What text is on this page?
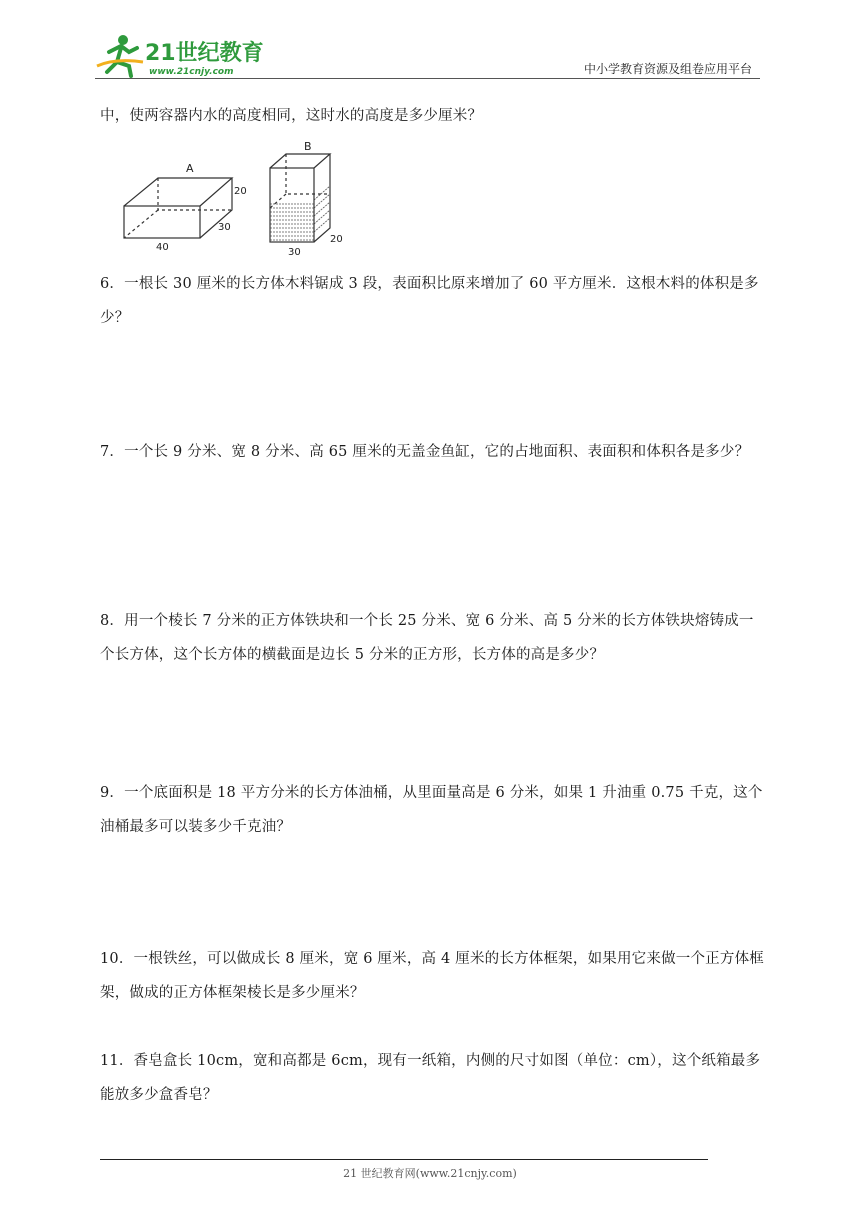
21世纪教育
www.21cnjy.com	中小学教育资源及组卷应用平台

中，使两容器内水的高度相同，这时水的高度是多少厘米？

A
20
30
40
B
30
20

6．一根长 30 厘米的长方体木料锯成 3 段，表面积比原来增加了 60 平方厘米．这根木料的体积是多少？

7．一个长 9 分米、宽 8 分米、高 65 厘米的无盖金鱼缸，它的占地面积、表面积和体积各是多少？

8．用一个棱长 7 分米的正方体铁块和一个长 25 分米、宽 6 分米、高 5 分米的长方体铁块熔铸成一个长方体，这个长方体的横截面是边长 5 分米的正方形，长方体的高是多少？

9．一个底面积是 18 平方分米的长方体油桶，从里面量高是 6 分米，如果 1 升油重 0.75 千克，这个油桶最多可以装多少千克油？

10．一根铁丝，可以做成长 8 厘米，宽 6 厘米，高 4 厘米的长方体框架，如果用它来做一个正方体框架，做成的正方体框架棱长是多少厘米？

11．香皂盒长 10cm，宽和高都是 6cm，现有一纸箱，内侧的尺寸如图（单位：cm），这个纸箱最多能放多少盒香皂？

21 世纪教育网(www.21cnjy.com)
